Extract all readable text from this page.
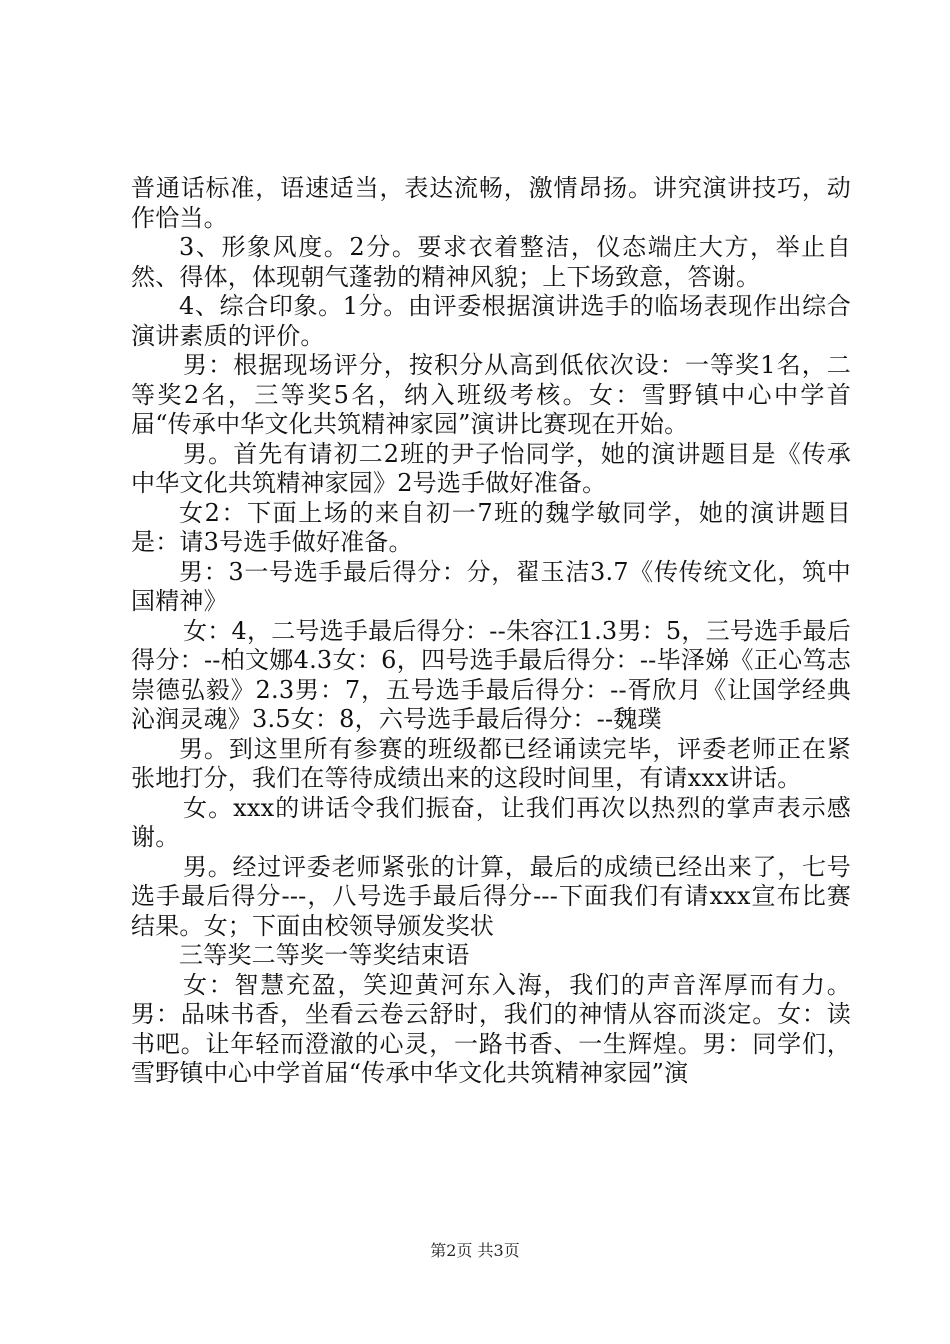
普通话标准，语速适当，表达流畅，激情昂扬。讲究演讲技巧，动作恰当。

3、形象风度。2分。要求衣着整洁，仪态端庄大方，举止自然、得体，体现朝气蓬勃的精神风貌；上下场致意，答谢。

4、综合印象。1分。由评委根据演讲选手的临场表现作出综合演讲素质的评价。

男：根据现场评分，按积分从高到低依次设：一等奖1名，二等奖2名，三等奖5名，纳入班级考核。女：雪野镇中心中学首届“传承中华文化共筑精神家园”演讲比赛现在开始。

男。首先有请初二2班的尹子怡同学，她的演讲题目是《传承中华文化共筑精神家园》2号选手做好准备。

女2：下面上场的来自初一7班的魏学敏同学，她的演讲题目是：请3号选手做好准备。

男：3一号选手最后得分：分，翟玉洁3.7《传传统文化，筑中国精神》

女：4，二号选手最后得分：--朱容江1.3男：5，三号选手最后得分：--柏文娜4.3女：6，四号选手最后得分：--毕泽娣《正心笃志崇德弘毅》2.3男：7，五号选手最后得分：--胥欣月《让国学经典沁润灵魂》3.5女：8，六号选手最后得分：--魏璞

男。到这里所有参赛的班级都已经诵读完毕，评委老师正在紧张地打分，我们在等待成绩出来的这段时间里，有请xxx讲话。

女。xxx的讲话令我们振奋，让我们再次以热烈的掌声表示感谢。

男。经过评委老师紧张的计算，最后的成绩已经出来了，七号选手最后得分---，八号选手最后得分---下面我们有请xxx宣布比赛结果。女；下面由校领导颁发奖状

三等奖二等奖一等奖结束语

女：智慧充盈，笑迎黄河东入海，我们的声音浑厚而有力。男：品味书香，坐看云卷云舒时，我们的神情从容而淡定。女：读书吧。让年轻而澄澈的心灵，一路书香、一生辉煌。男：同学们，雪野镇中心中学首届“传承中华文化共筑精神家园”演

第2页 共3页
